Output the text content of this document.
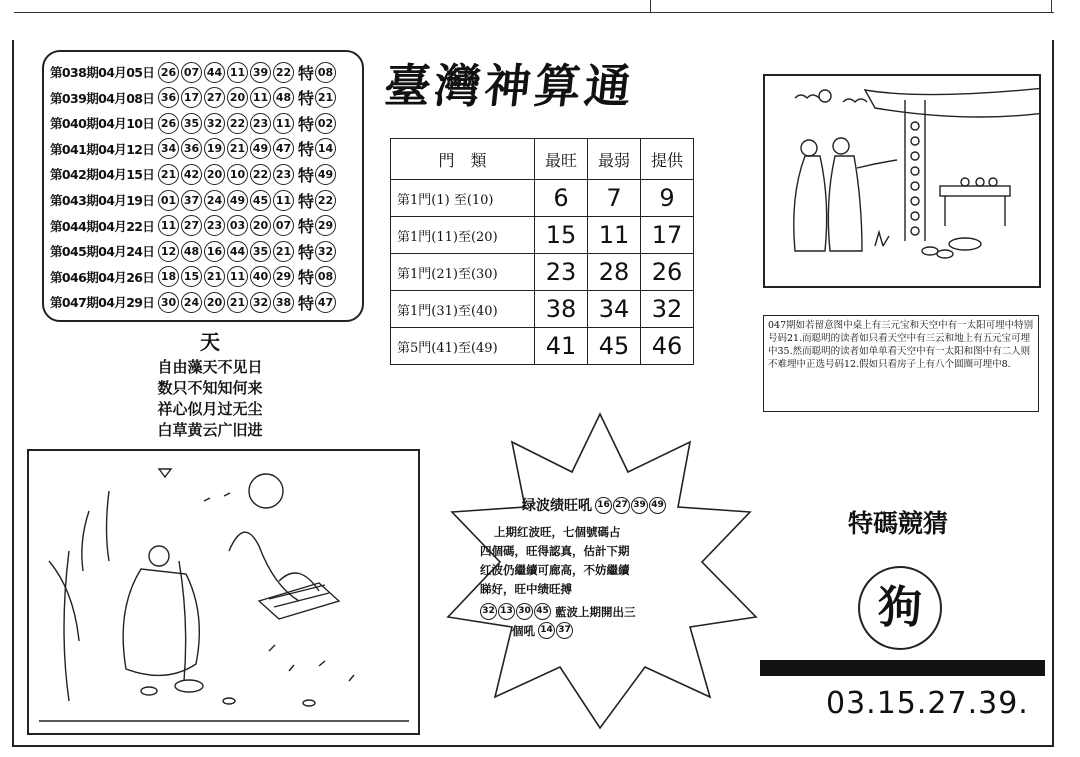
第038期04月05日 26 07 44 11 39 22 特 08
第039期04月08日 36 17 27 20 11 48 特 21
第040期04月10日 26 35 32 22 23 11 特 02
第041期04月12日 34 36 19 21 49 47 特 14
第042期04月15日 21 42 20 10 22 23 特 49
第043期04月19日 01 37 24 49 45 11 特 22
第044期04月22日 11 27 23 03 20 07 特 29
第045期04月24日 12 48 16 44 35 21 特 32
第046期04月26日 18 15 21 11 40 29 特 08
第047期04月29日 30 24 20 21 32 38 特 47
臺灣神算通
門　類	最旺	最弱	提供
第1門(1) 至(10)	6	7	9
第1門(11)至(20)	15	11	17
第1門(21)至(30)	23	28	26
第1門(31)至(40)	38	34	32
第5門(41)至(49)	41	45	46
047期如若留意图中桌上有三元宝和天空中有一太阳可埋中特别号码21.而聪明的读者如只看天空中有三云和地上有五元宝可埋中35.然而聪明的读者如单单看天空中有一太阳和图中有二人则不难埋中正选号码12.假如只看房子上有八个圆圈可埋中8.
天
自由藻天不见日
数只不知知何来
祥心似月过无尘
白草黄云广旧进
绿波绩旺吼 16 27 39 49
上期红波旺，七個號碼占
四個碼，旺得認真，估計下期
红波仍繼續可廊高，不妨繼續
睇好，旺中绩旺搏
32 13 30 45 藍波上期開出三
個吼 14 37
特碼競猜
狗
03.15.27.39.
